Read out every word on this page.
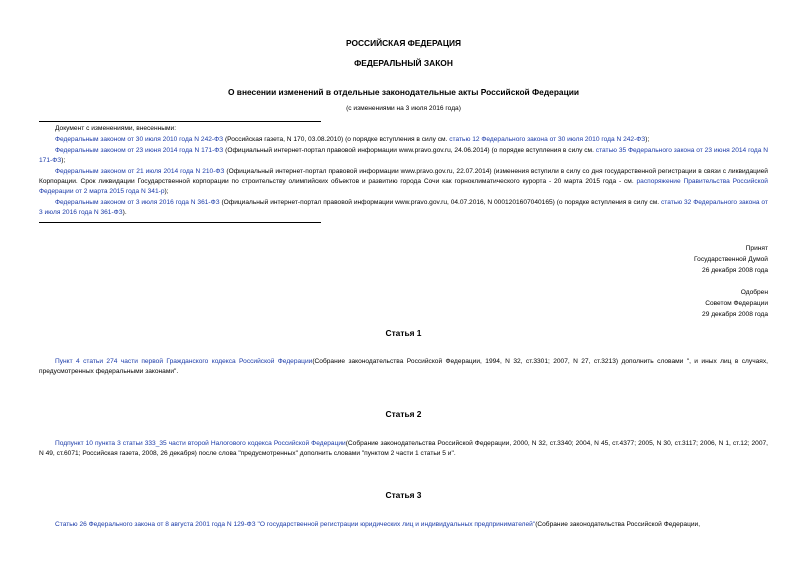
РОССИЙСКАЯ ФЕДЕРАЦИЯ

ФЕДЕРАЛЬНЫЙ ЗАКОН

О внесении изменений в отдельные законодательные акты Российской Федерации

(с изменениями на 3 июля 2016 года)

Документ с изменениями, внесенными:

Федеральным законом от 30 июля 2010 года N 242-ФЗ (Российская газета, N 170, 03.08.2010) (о порядке вступления в силу см. статью 12 Федерального закона от 30 июля 2010 года N 242-ФЗ);

Федеральным законом от 23 июня 2014 года N 171-ФЗ (Официальный интернет-портал правовой информации www.pravo.gov.ru, 24.06.2014) (о порядке вступления в силу см. статью 35 Федерального закона от 23 июня 2014 года N 171-ФЗ);

Федеральным законом от 21 июля 2014 года N 210-ФЗ (Официальный интернет-портал правовой информации www.pravo.gov.ru, 22.07.2014) (изменения вступили в силу со дня государственной регистрации в связи с ликвидацией Корпорации. Срок ликвидации Государственной корпорации по строительству олимпийских объектов и развитию города Сочи как горноклиматического курорта - 20 марта 2015 года - см. распоряжение Правительства Российской Федерации от 2 марта 2015 года N 341-р);

Федеральным законом от 3 июля 2016 года N 361-ФЗ (Официальный интернет-портал правовой информации www.pravo.gov.ru, 04.07.2016, N 0001201607040165) (о порядке вступления в силу см. статью 32 Федерального закона от 3 июля 2016 года N 361-ФЗ).

Принят
Государственной Думой
26 декабря 2008 года
Одобрен
Советом Федерации
29 декабря 2008 года
Статья 1

Пункт 4 статьи 274 части первой Гражданского кодекса Российской Федерации(Собрание законодательства Российской Федерации, 1994, N 32, ст.3301; 2007, N 27, ст.3213) дополнить словами ", и иных лиц в случаях, предусмотренных федеральными законами".

Статья 2

Подпункт 10 пункта 3 статьи 333_35 части второй Налогового кодекса Российской Федерации(Собрание законодательства Российской Федерации, 2000, N 32, ст.3340; 2004, N 45, ст.4377; 2005, N 30, ст.3117; 2006, N 1, ст.12; 2007, N 49, ст.6071; Российская газета, 2008, 26 декабря) после слова "предусмотренных" дополнить словами "пунктом 2 части 1 статьи 5 и".

Статья 3

Статью 26 Федерального закона от 8 августа 2001 года N 129-ФЗ "О государственной регистрации юридических лиц и индивидуальных предпринимателей"(Собрание законодательства Российской Федерации,
